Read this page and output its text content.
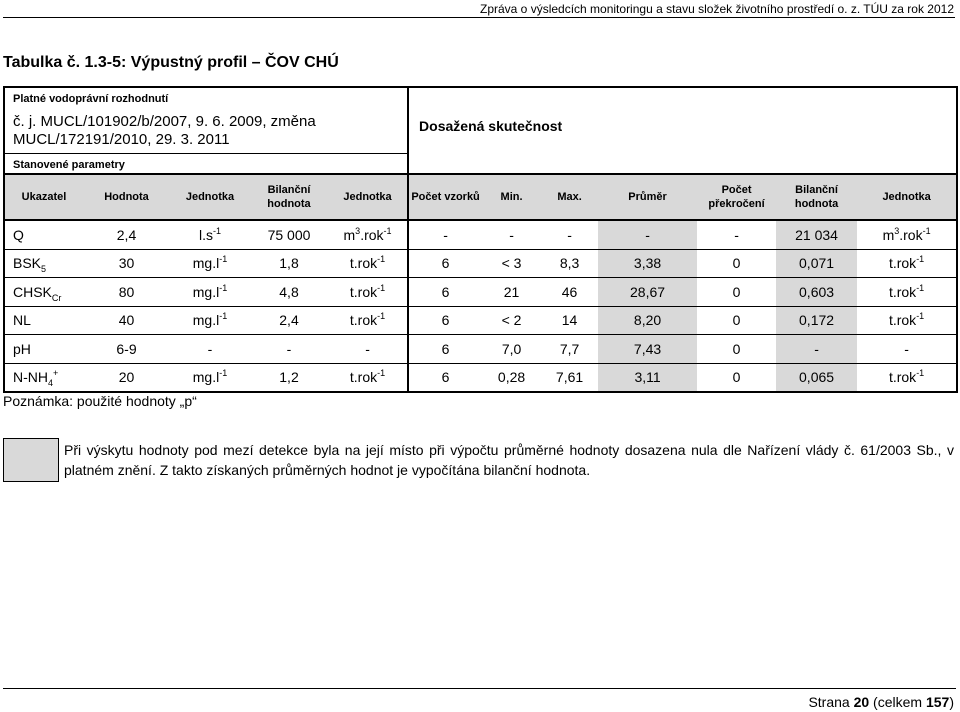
Zpráva o výsledcích monitoringu a stavu složek životního prostředí o. z. TÚU za rok 2012
Tabulka č. 1.3-5: Výpustný profil – ČOV CHÚ
Platné vodoprávní rozhodnutí
č. j. MUCL/101902/b/2007, 9. 6. 2009, změna MUCL/172191/2010, 29. 3. 2011
Stanovené parametry					Dosažená skutečnost						
Ukazatel	Hodnota	Jednotka	Bilanční hodnota	Jednotka	Počet vzorků	Min.	Max.	Průměr	Počet překročení	Bilanční hodnota	Jednotka
Q	2,4	$l.s^{-1}$	75 000	$m^3.rok^{-1}$	-	-	-	-	-	21 034	$m^3.rok^{-1}$
$BSK_5$	30	$mg.l^{-1}$	1,8	t.rok$^{-1}$	6	< 3	8,3	3,38	0	0,071	t.rok$^{-1}$
$CHSK_{Cr}$	80	$mg.l^{-1}$	4,8	t.rok$^{-1}$	6	21	46	28,67	0	0,603	t.rok$^{-1}$
NL	40	$mg.l^{-1}$	2,4	t.rok$^{-1}$	6	< 2	14	8,20	0	0,172	t.rok$^{-1}$
pH	6-9	-	-	-	6	7,0	7,7	7,43	0	-	-
$N-NH_4^+$	20	$mg.l^{-1}$	1,2	t.rok$^{-1}$	6	0,28	7,61	3,11	0	0,065	t.rok$^{-1}$
Poznámka: použité hodnoty „p“
Při výskytu hodnoty pod mezí detekce byla na její místo při výpočtu průměrné hodnoty dosazena nula dle Nařízení vlády č. 61/2003 Sb., v platném znění. Z takto získaných průměrných hodnot je vypočítána bilanční hodnota.
Strana 20 (celkem 157)
